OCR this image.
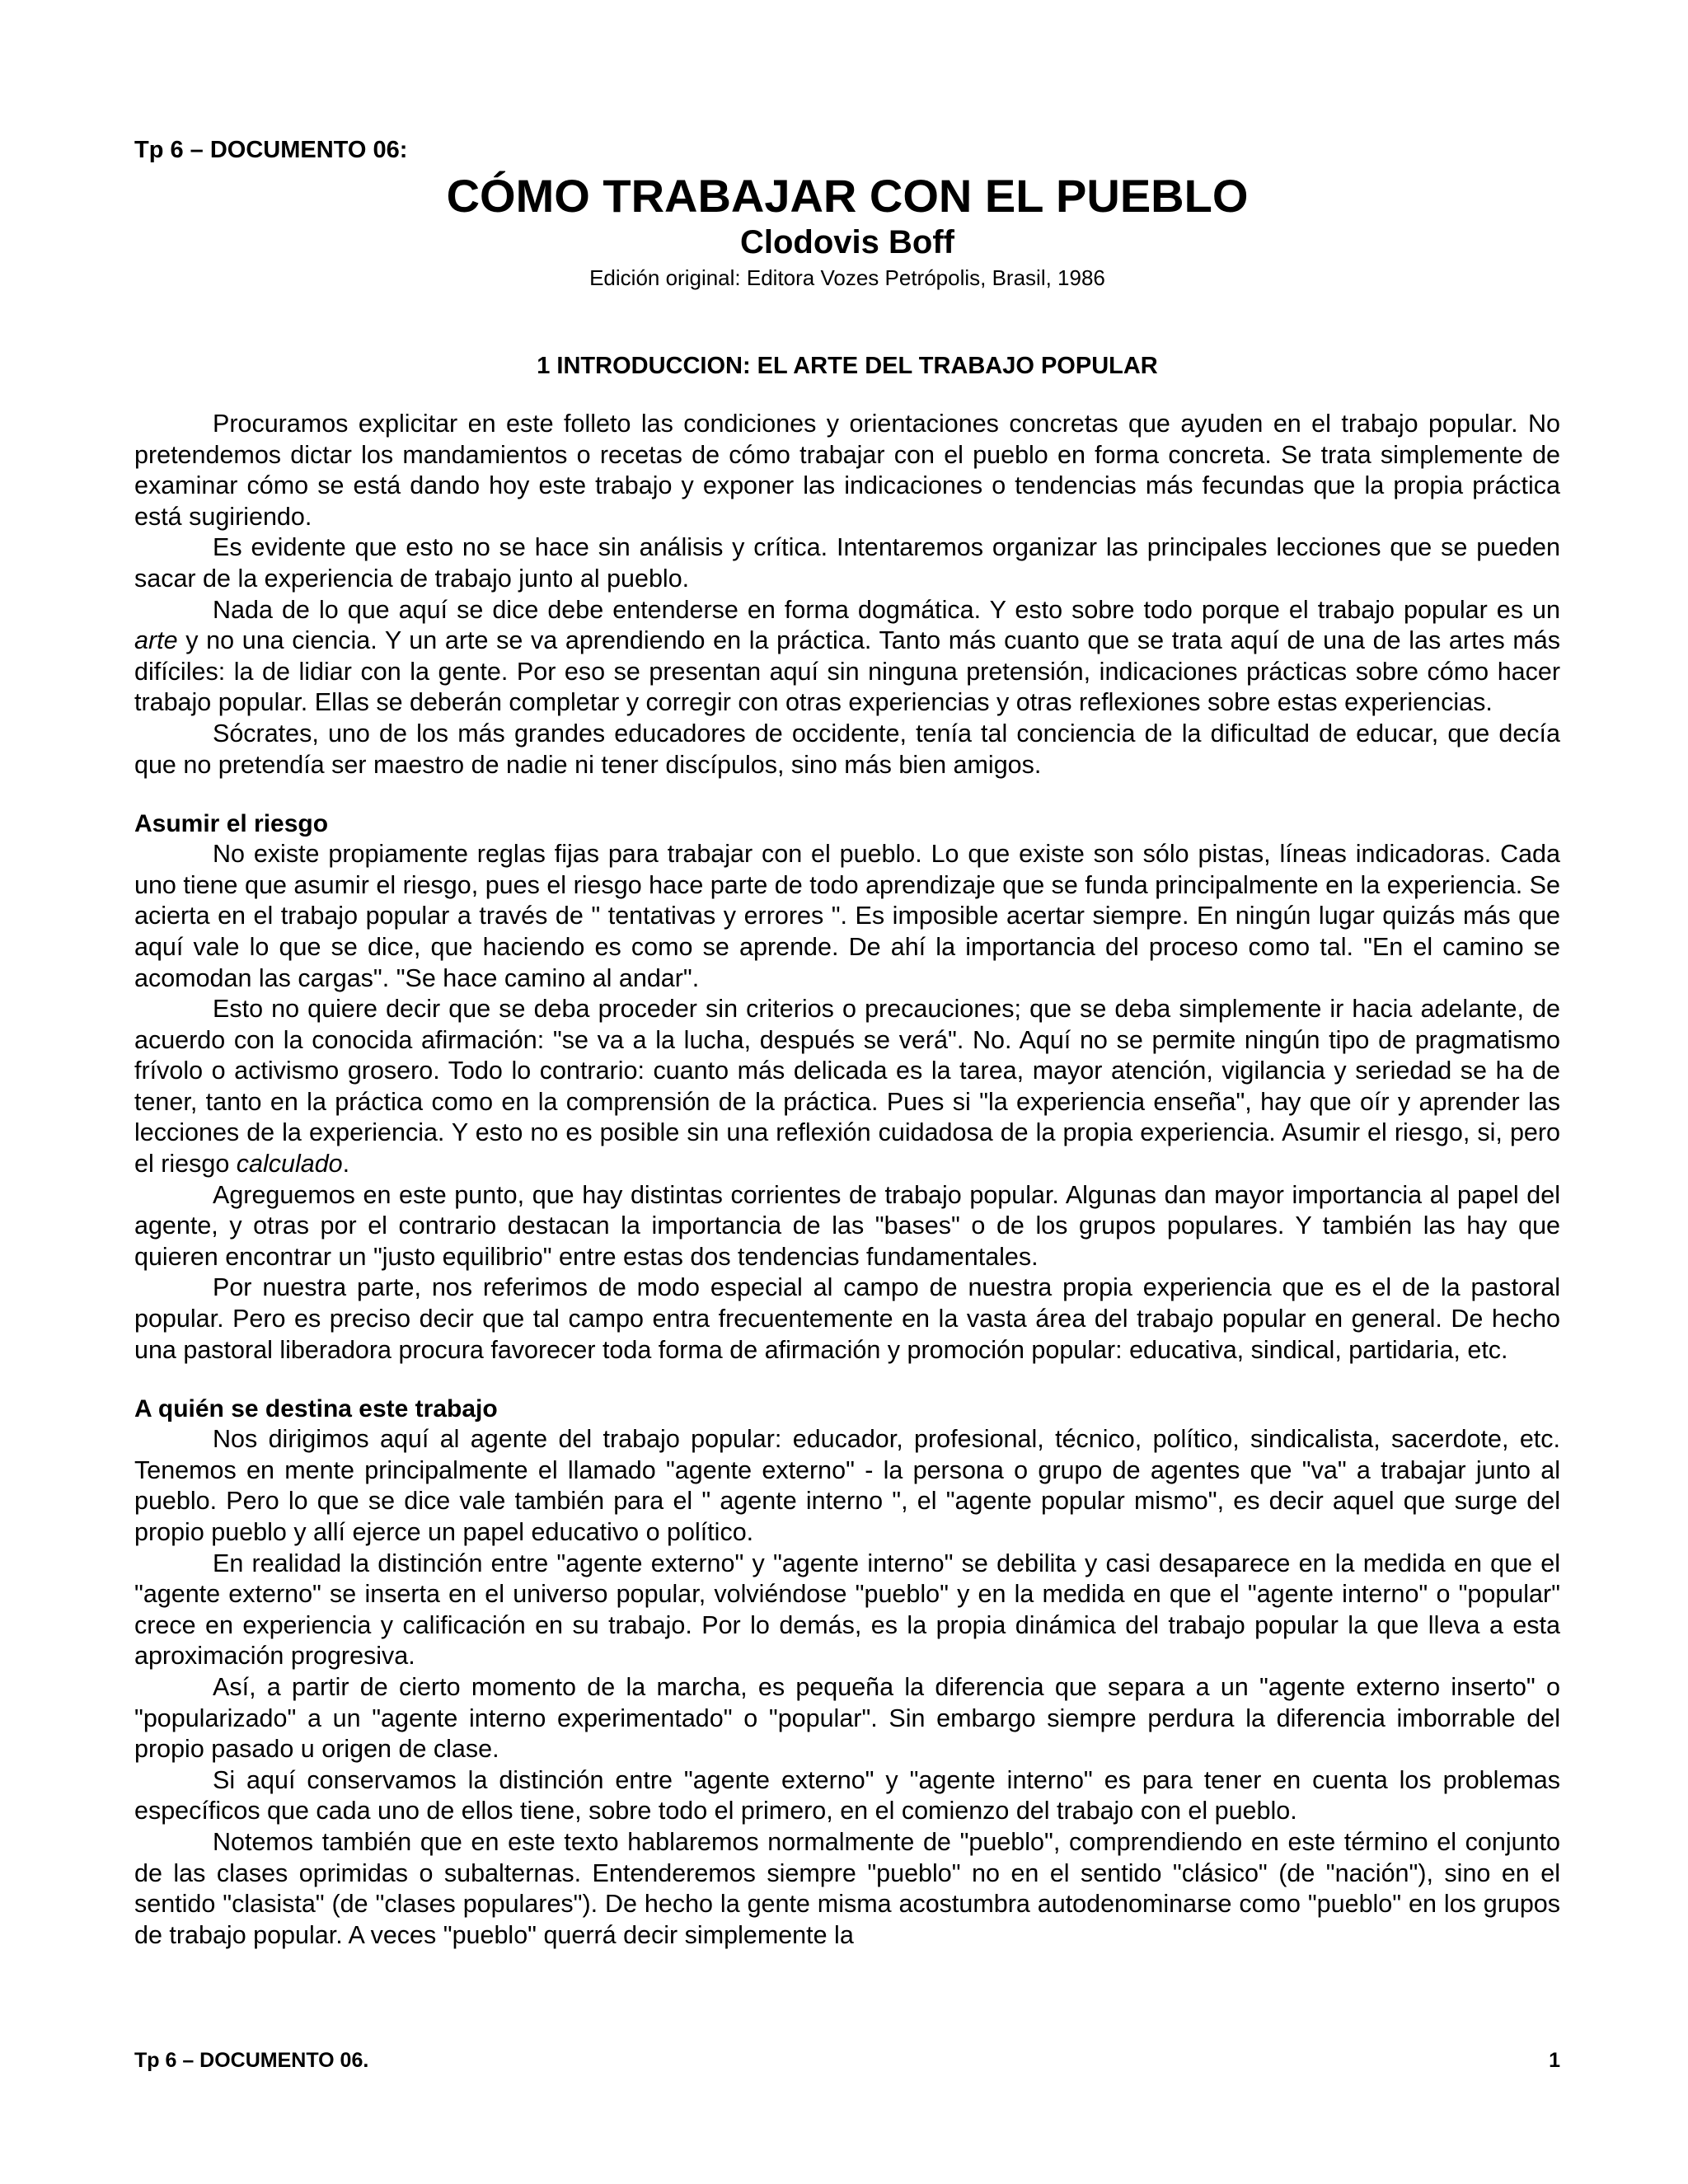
Tp 6 – DOCUMENTO 06:

CÓMO TRABAJAR CON EL PUEBLO
Clodovis Boff

Edición original: Editora Vozes Petrópolis, Brasil, 1986

1 INTRODUCCION: EL ARTE DEL TRABAJO POPULAR

Procuramos explicitar en este folleto las condiciones y orientaciones concretas que ayuden en el trabajo popular. No pretendemos dictar los mandamientos o recetas de cómo trabajar con el pueblo en forma concreta. Se trata simplemente de examinar cómo se está dando hoy este trabajo y exponer las indicaciones o tendencias más fecundas que la propia práctica está sugiriendo.

Es evidente que esto no se hace sin análisis y crítica. Intentaremos organizar las principales lecciones que se pueden sacar de la experiencia de trabajo junto al pueblo.

Nada de lo que aquí se dice debe entenderse en forma dogmática. Y esto sobre todo porque el trabajo popular es un arte y no una ciencia. Y un arte se va aprendiendo en la práctica. Tanto más cuanto que se trata aquí de una de las artes más difíciles: la de lidiar con la gente. Por eso se presentan aquí sin ninguna pretensión, indicaciones prácticas sobre cómo hacer trabajo popular. Ellas se deberán completar y corregir con otras experiencias y otras reflexiones sobre estas experiencias.

Sócrates, uno de los más grandes educadores de occidente, tenía tal conciencia de la dificultad de educar, que decía que no pretendía ser maestro de nadie ni tener discípulos, sino más bien amigos.

Asumir el riesgo

No existe propiamente reglas fijas para trabajar con el pueblo. Lo que existe son sólo pistas, líneas indicadoras. Cada uno tiene que asumir el riesgo, pues el riesgo hace parte de todo aprendizaje que se funda principalmente en la experiencia. Se acierta en el trabajo popular a través de " tentativas y errores ". Es imposible acertar siempre. En ningún lugar quizás más que aquí vale lo que se dice, que haciendo es como se aprende. De ahí la importancia del proceso como tal. "En el camino se acomodan las cargas". "Se hace camino al andar".

Esto no quiere decir que se deba proceder sin criterios o precauciones; que se deba simplemente ir hacia adelante, de acuerdo con la conocida afirmación: "se va a la lucha, después se verá". No. Aquí no se permite ningún tipo de pragmatismo frívolo o activismo grosero. Todo lo contrario: cuanto más delicada es la tarea, mayor atención, vigilancia y seriedad se ha de tener, tanto en la práctica como en la comprensión de la práctica. Pues si "la experiencia enseña", hay que oír y aprender las lecciones de la experiencia. Y esto no es posible sin una reflexión cuidadosa de la propia experiencia. Asumir el riesgo, si, pero el riesgo calculado.

Agreguemos en este punto, que hay distintas corrientes de trabajo popular. Algunas dan mayor importancia al papel del agente, y otras por el contrario destacan la importancia de las "bases" o de los grupos populares. Y también las hay que quieren encontrar un "justo equilibrio" entre estas dos tendencias fundamentales.

Por nuestra parte, nos referimos de modo especial al campo de nuestra propia experiencia que es el de la pastoral popular. Pero es preciso decir que tal campo entra frecuentemente en la vasta área del trabajo popular en general. De hecho una pastoral liberadora procura favorecer toda forma de afirmación y promoción popular: educativa, sindical, partidaria, etc.

A quién se destina este trabajo

Nos dirigimos aquí al agente del trabajo popular: educador, profesional, técnico, político, sindicalista, sacerdote, etc. Tenemos en mente principalmente el llamado "agente externo" - la persona o grupo de agentes que "va" a trabajar junto al pueblo. Pero lo que se dice vale también para el " agente interno ", el "agente popular mismo", es decir aquel que surge del propio pueblo y allí ejerce un papel educativo o político.

En realidad la distinción entre "agente externo" y "agente interno" se debilita y casi desaparece en la medida en que el "agente externo" se inserta en el universo popular, volviéndose "pueblo" y en la medida en que el "agente interno" o "popular" crece en experiencia y calificación en su trabajo. Por lo demás, es la propia dinámica del trabajo popular la que lleva a esta aproximación progresiva.

Así, a partir de cierto momento de la marcha, es pequeña la diferencia que separa a un "agente externo inserto" o "popularizado" a un "agente interno experimentado" o "popular". Sin embargo siempre perdura la diferencia imborrable del propio pasado u origen de clase.

Si aquí conservamos la distinción entre "agente externo" y "agente interno" es para tener en cuenta los problemas específicos que cada uno de ellos tiene, sobre todo el primero, en el comienzo del trabajo con el pueblo.

Notemos también que en este texto hablaremos normalmente de "pueblo", comprendiendo en este término el conjunto de las clases oprimidas o subalternas. Entenderemos siempre "pueblo" no en el sentido "clásico" (de "nación"), sino en el sentido "clasista" (de "clases populares"). De hecho la gente misma acostumbra autodenominarse como "pueblo" en los grupos de trabajo popular. A veces "pueblo" querrá decir simplemente la

Tp 6 – DOCUMENTO 06.	1
